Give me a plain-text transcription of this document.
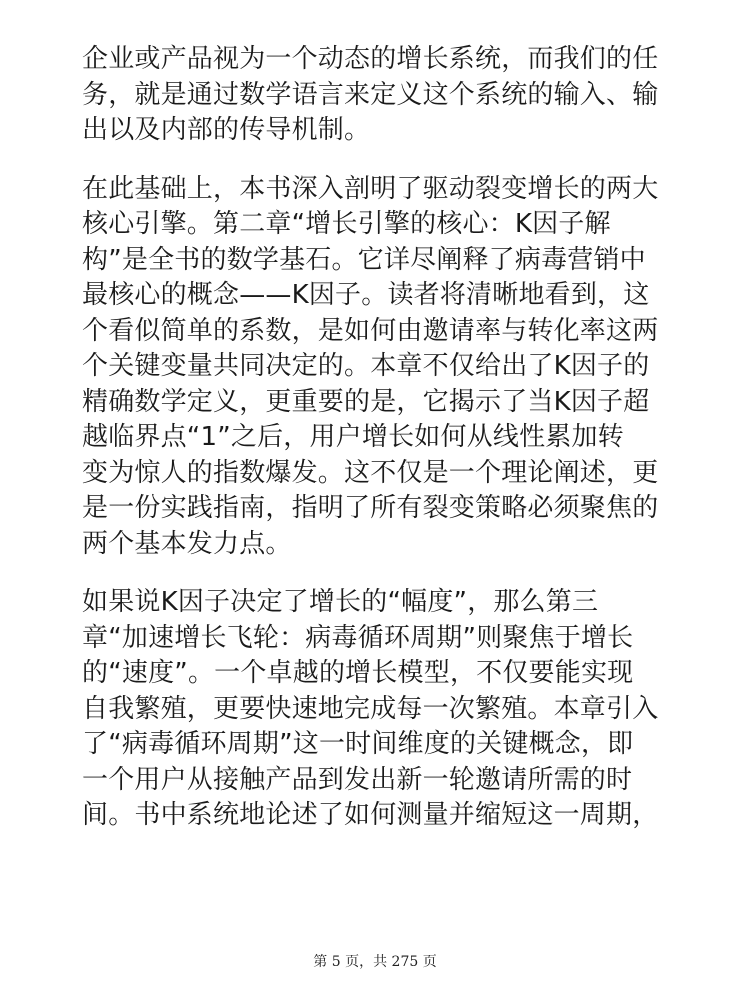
企业或产品视为一个动态的增长系统，而我们的任
务，就是通过数学语言来定义这个系统的输入、输
出以及内部的传导机制。
在此基础上，本书深入剖明了驱动裂变增长的两大
核心引擎。第二章“增长引擎的核心：K因子解
构”是全书的数学基石。它详尽阐释了病毒营销中
最核心的概念——K因子。读者将清晰地看到，这
个看似简单的系数，是如何由邀请率与转化率这两
个关键变量共同决定的。本章不仅给出了K因子的
精确数学定义，更重要的是，它揭示了当K因子超
越临界点“1”之后，用户增长如何从线性累加转
变为惊人的指数爆发。这不仅是一个理论阐述，更
是一份实践指南，指明了所有裂变策略必须聚焦的
两个基本发力点。
如果说K因子决定了增长的“幅度”，那么第三
章“加速增长飞轮：病毒循环周期”则聚焦于增长
的“速度”。一个卓越的增长模型，不仅要能实现
自我繁殖，更要快速地完成每一次繁殖。本章引入
了“病毒循环周期”这一时间维度的关键概念，即
一个用户从接触产品到发出新一轮邀请所需的时
间。书中系统地论述了如何测量并缩短这一周期，
第 5 页，共 275 页
